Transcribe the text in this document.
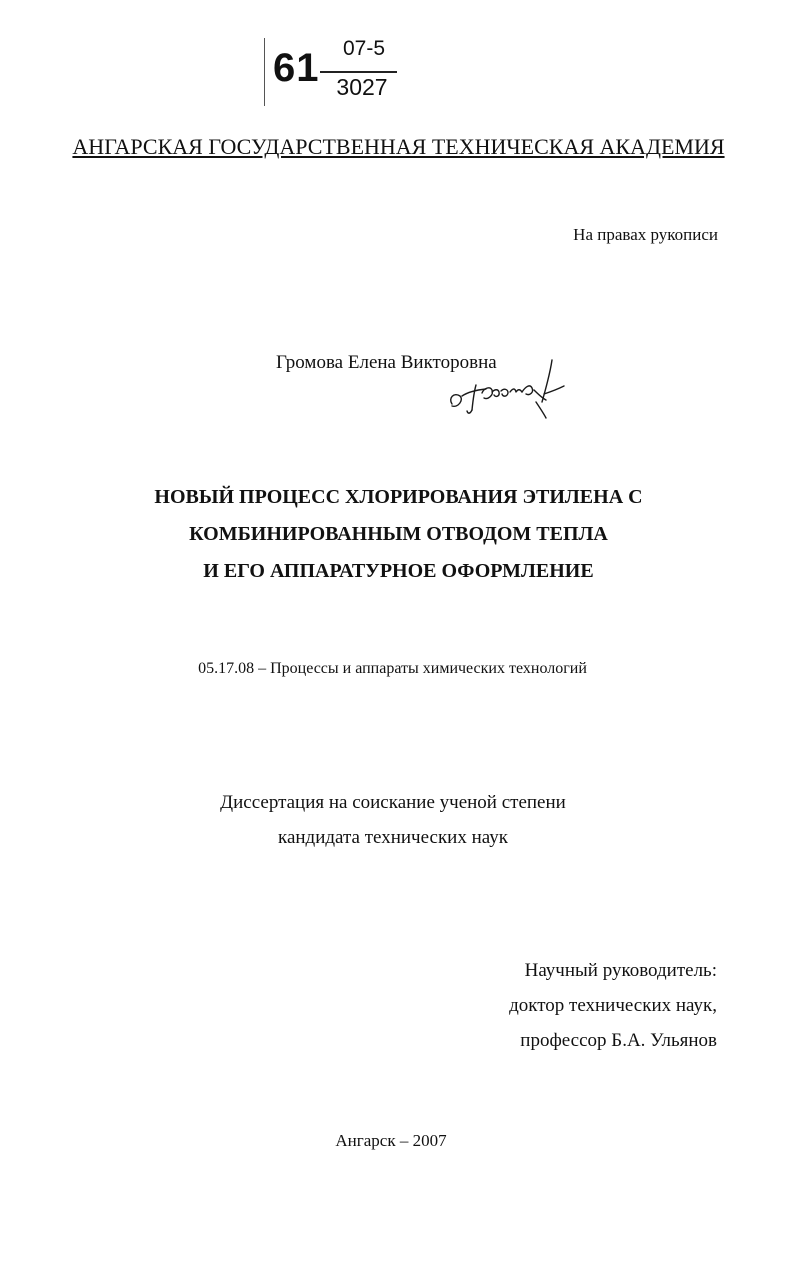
61 07-5
3027
АНГАРСКАЯ ГОСУДАРСТВЕННАЯ ТЕХНИЧЕСКАЯ АКАДЕМИЯ
На правах рукописи
Громова Елена Викторовна
НОВЫЙ ПРОЦЕСС ХЛОРИРОВАНИЯ ЭТИЛЕНА С
КОМБИНИРОВАННЫМ ОТВОДОМ ТЕПЛА
И ЕГО АППАРАТУРНОЕ ОФОРМЛЕНИЕ
05.17.08 – Процессы и аппараты химических технологий
Диссертация на соискание ученой степени
кандидата технических наук
Научный руководитель:
доктор технических наук,
профессор Б.А. Ульянов
Ангарск – 2007
